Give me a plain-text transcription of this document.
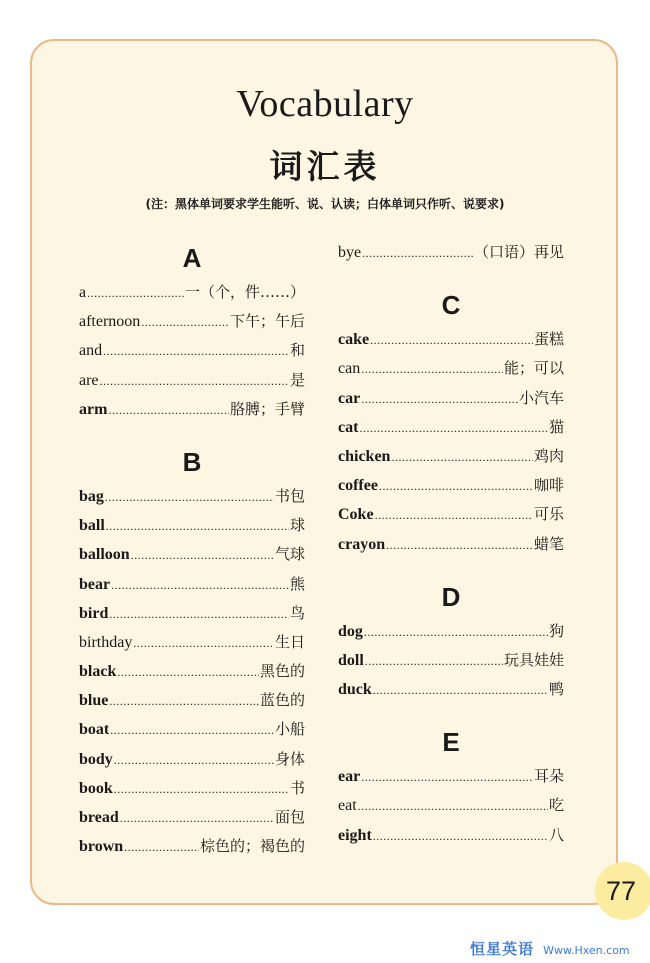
Vocabulary
词汇表
(注：黑体单词要求学生能听、说、认读；白体单词只作听、说要求)
A
a .....	一（个，件……）
afternoon .....	下午；午后
and .....	和
are .....	是
arm .....	胳膊；手臂
B
bag .....	书包
ball .....	球
balloon .....	气球
bear .....	熊
bird .....	鸟
birthday .....	生日
black .....	黑色的
blue .....	蓝色的
boat .....	小船
body .....	身体
book .....	书
bread .....	面包
brown .....	棕色的；褐色的
bye .....	（口语）再见
C
cake .....	蛋糕
can .....	能；可以
car .....	小汽车
cat .....	猫
chicken .....	鸡肉
coffee .....	咖啡
Coke .....	可乐
crayon .....	蜡笔
D
dog .....	狗
doll .....	玩具娃娃
duck .....	鸭
E
ear .....	耳朵
eat .....	吃
eight .....	八
77
恒星英语 Www.Hxen.com
